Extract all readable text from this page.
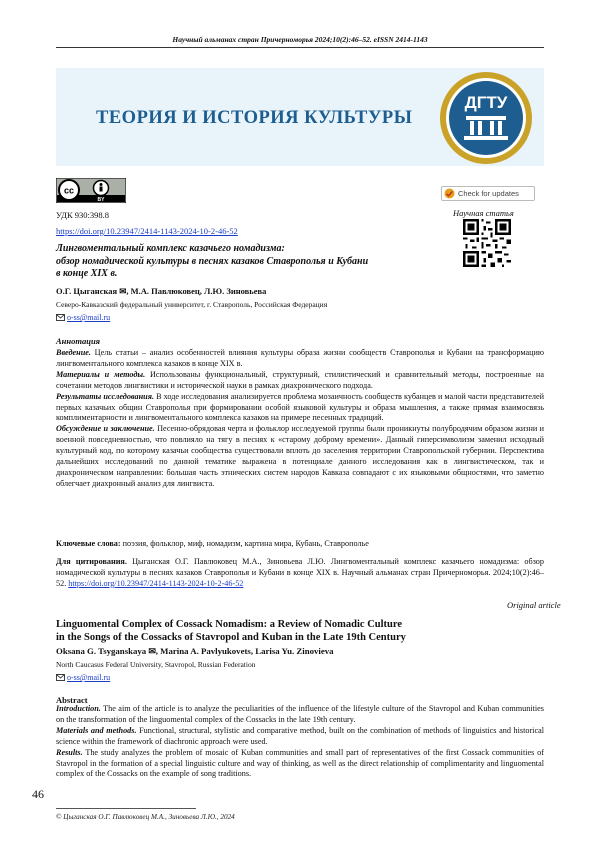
Научный альманах стран Причерноморья 2024;10(2):46–52. eISSN 2414-1143
ТЕОРИЯ И ИСТОРИЯ КУЛЬТУРЫ
ДГТУ
cc
BY
Check for updates
Научная статья
УДК 930:398.8
https://doi.org/10.23947/2414-1143-2024-10-2-46-52
Лингвоментальный комплекс казачьего номадизма:
обзор номадической культуры в песнях казаков Ставрополья и Кубани
в конце XIX в.
О.Г. Цыганская ✉, М.А. Павлюковец, Л.Ю. Зиновьева
Северо-Кавказский федеральный университет, г. Ставрополь, Российская Федерация
o-ss@mail.ru
Аннотация

Введение. Цель статьи – анализ особенностей влияния культуры образа жизни сообществ Ставрополья и Кубани на трансформацию лингвоментального комплекса казаков в конце XIX в.

Материалы и методы. Использованы функциональный, структурный, стилистический и сравнительный методы, построенные на сочетании методов лингвистики и исторической науки в рамках диахронического подхода.

Результаты исследования. В ходе исследования анализируется проблема мозаичность сообществ кубанцев и малой части представителей первых казачьих общин Ставрополья при формировании особой языковой культуры и образа мышления, а также прямая взаимосвязь комплиментарности и лингвоментального комплекса казаков на примере песенных традиций.

Обсуждение и заключение. Песенно-обрядовая черта и фольклор исследуемой группы были проникнуты полубродячим образом жизни и военной повседневностью, что повлияло на тягу в песнях к «старому доброму времени». Данный гиперсимволизм заменил исходный культурный код, по которому казачьи сообщества существовали вплоть до заселения территории Ставропольской губернии. Перспектива дальнейших исследований по данной тематике выражена в потенциале данного исследования как в лингвистическом, так и диахроническом направлении: большая часть этнических систем народов Кавказа совпадают с их языковыми общностями, что заметно облегчает диахронный анализ для лингвиста.

Ключевые слова: поэзия, фольклор, миф, номадизм, картина мира, Кубань, Ставрополье
Для цитирования. Цыганская О.Г. Павлюковец М.А., Зиновьева Л.Ю. Лингвоментальный комплекс казачьего номадизма: обзор номадической культуры в песнях казаков Ставрополья и Кубани в конце XIX в. Научный альманах стран Причерноморья. 2024;10(2):46–52. https://doi.org/10.23947/2414-1143-2024-10-2-46-52
Original article
Linguomental Complex of Cossack Nomadism: a Review of Nomadic Culture
in the Songs of the Cossacks of Stavropol and Kuban in the Late 19th Century
Oksana G. Tsyganskaya ✉, Marina A. Pavlyukovets, Larisa Yu. Zinovieva
North Caucasus Federal University, Stavropol, Russian Federation
o-ss@mail.ru
Abstract

Introduction. The aim of the article is to analyze the peculiarities of the influence of the lifestyle culture of the Stavropol and Kuban communities on the transformation of the linguomental complex of the Cossacks in the late 19th century.

Materials and methods. Functional, structural, stylistic and comparative method, built on the combination of methods of linguistics and historical science within the framework of diachronic approach were used.

Results. The study analyzes the problem of mosaic of Kuban communities and small part of representatives of the first Cossack communities of Stavropol in the formation of a special linguistic culture and way of thinking, as well as the direct relationship of complimentarity and linguomental complex of the Cossacks on the example of song traditions.

46
© Цыганская О.Г. Павлюковец М.А., Зиновьева Л.Ю., 2024
